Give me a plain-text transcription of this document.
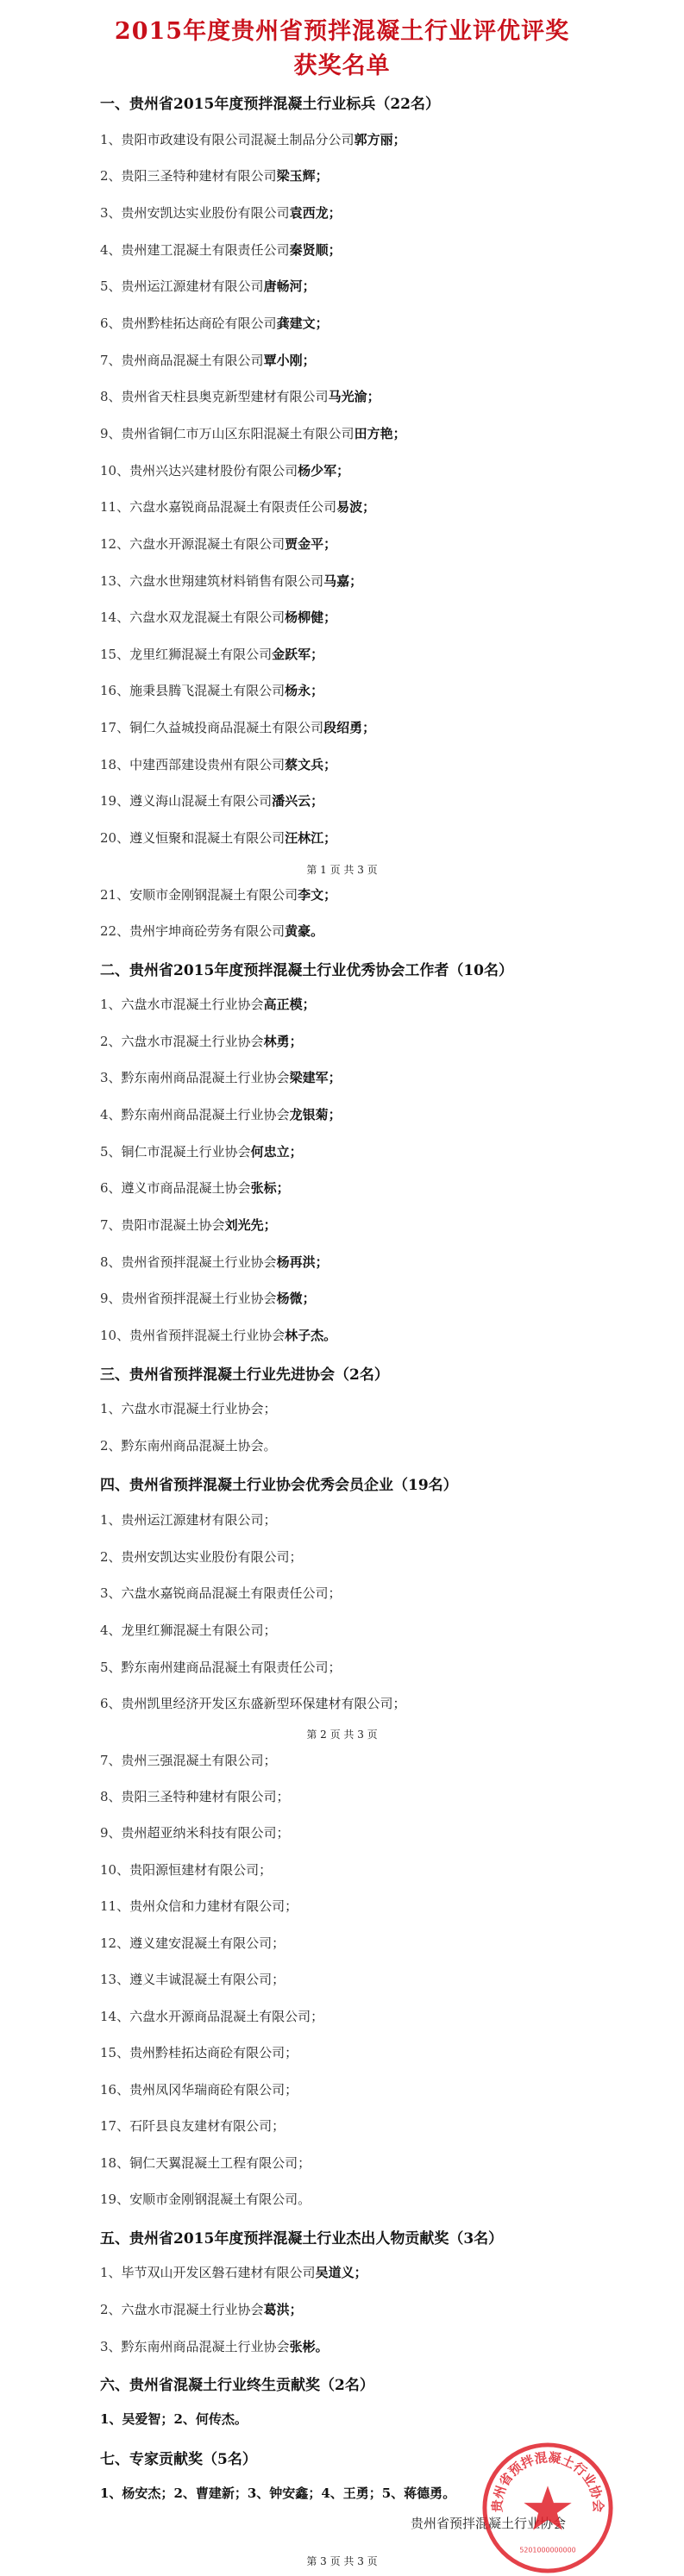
2015年度贵州省预拌混凝土行业评优评奖
获奖名单
一、贵州省2015年度预拌混凝土行业标兵（22名）
1、贵阳市政建设有限公司混凝土制品分公司郭方丽；
2、贵阳三圣特种建材有限公司梁玉辉；
3、贵州安凯达实业股份有限公司袁西龙；
4、贵州建工混凝土有限责任公司秦贤顺；
5、贵州运江源建材有限公司唐畅河；
6、贵州黔桂拓达商砼有限公司龚建文；
7、贵州商品混凝土有限公司覃小刚；
8、贵州省天柱县奥克新型建材有限公司马光渝；
9、贵州省铜仁市万山区东阳混凝土有限公司田方艳；
10、贵州兴达兴建材股份有限公司杨少军；
11、六盘水嘉锐商品混凝土有限责任公司易波；
12、六盘水开源混凝土有限公司贾金平；
13、六盘水世翔建筑材料销售有限公司马嘉；
14、六盘水双龙混凝土有限公司杨柳健；
15、龙里红狮混凝土有限公司金跃军；
16、施秉县腾飞混凝土有限公司杨永；
17、铜仁久益城投商品混凝土有限公司段绍勇；
18、中建西部建设贵州有限公司蔡文兵；
19、遵义海山混凝土有限公司潘兴云；
20、遵义恒聚和混凝土有限公司汪林江；
第 1 页 共 3 页
21、安顺市金刚钢混凝土有限公司李文；
22、贵州宇坤商砼劳务有限公司黄豪。
二、贵州省2015年度预拌混凝土行业优秀协会工作者（10名）
1、六盘水市混凝土行业协会高正模；
2、六盘水市混凝土行业协会林勇；
3、黔东南州商品混凝土行业协会梁建军；
4、黔东南州商品混凝土行业协会龙银菊；
5、铜仁市混凝土行业协会何忠立；
6、遵义市商品混凝土协会张标；
7、贵阳市混凝土协会刘光先；
8、贵州省预拌混凝土行业协会杨再洪；
9、贵州省预拌混凝土行业协会杨微；
10、贵州省预拌混凝土行业协会林子杰。
三、贵州省预拌混凝土行业先进协会（2名）
1、六盘水市混凝土行业协会；
2、黔东南州商品混凝土协会。
四、贵州省预拌混凝土行业协会优秀会员企业（19名）
1、贵州运江源建材有限公司；
2、贵州安凯达实业股份有限公司；
3、六盘水嘉锐商品混凝土有限责任公司；
4、龙里红狮混凝土有限公司；
5、黔东南州建商品混凝土有限责任公司；
6、贵州凯里经济开发区东盛新型环保建材有限公司；
第 2 页 共 3 页
7、贵州三强混凝土有限公司；
8、贵阳三圣特种建材有限公司；
9、贵州超亚纳米科技有限公司；
10、贵阳源恒建材有限公司；
11、贵州众信和力建材有限公司；
12、遵义建安混凝土有限公司；
13、遵义丰诚混凝土有限公司；
14、六盘水开源商品混凝土有限公司；
15、贵州黔桂拓达商砼有限公司；
16、贵州凤冈华瑞商砼有限公司；
17、石阡县良友建材有限公司；
18、铜仁天翼混凝土工程有限公司；
19、安顺市金刚钢混凝土有限公司。
五、贵州省2015年度预拌混凝土行业杰出人物贡献奖（3名）
1、毕节双山开发区磐石建材有限公司吴道义；
2、六盘水市混凝土行业协会葛洪；
3、黔东南州商品混凝土行业协会张彬。
六、贵州省混凝土行业终生贡献奖（2名）
1、吴爱智；2、何传杰。
七、专家贡献奖（5名）
1、杨安杰；2、曹建新；3、钟安鑫；4、王勇；5、蒋德勇。
贵州省预拌混凝土行业协会
第 3 页 共 3 页
贵州省预拌混凝土行业协会
5201000000000
